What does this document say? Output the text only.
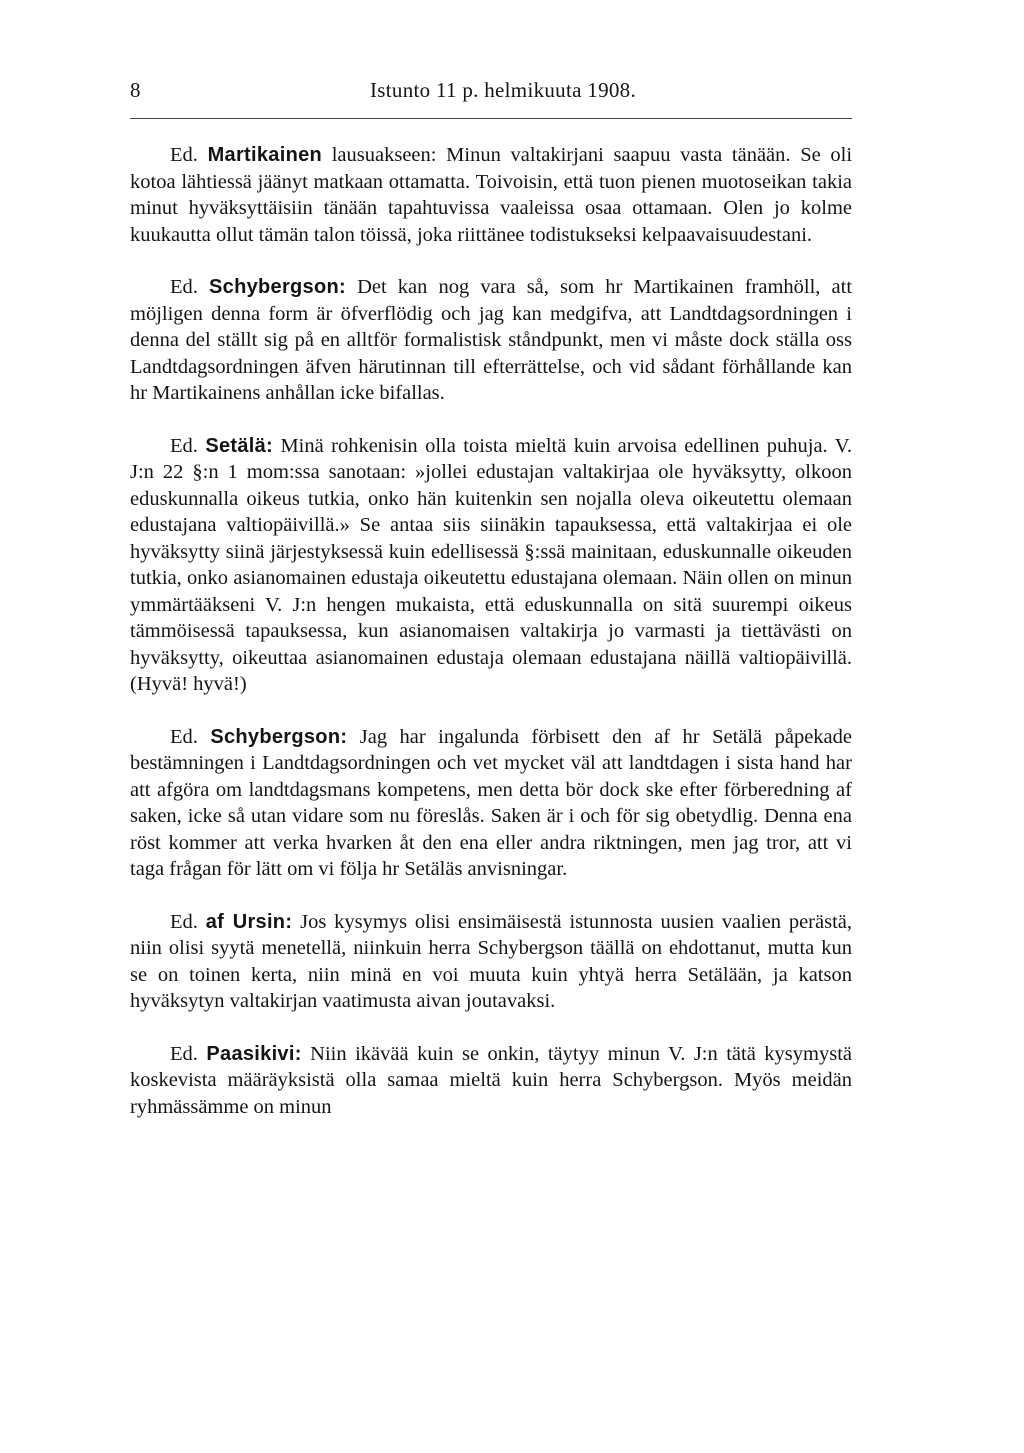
8	Istunto 11 p. helmikuuta 1908.

Ed. Martikainen lausuakseen: Minun valtakirjani saapuu vasta tänään. Se oli kotoa lähtiessä jäänyt matkaan ottamatta. Toivoisin, että tuon pienen muotoseikan takia minut hyväksyttäisiin tänään tapahtuvissa vaaleissa osaa ottamaan. Olen jo kolme kuukautta ollut tämän talon töissä, joka riittänee todistukseksi kelpaavaisuudestani.

Ed. Schybergson: Det kan nog vara så, som hr Martikainen framhöll, att möjligen denna form är öfverflödig och jag kan medgifva, att Landtdagsordningen i denna del ställt sig på en alltför formalistisk ståndpunkt, men vi måste dock ställa oss Landtdagsordningen äfven härutinnan till efterrättelse, och vid sådant förhållande kan hr Martikainens anhållan icke bifallas.

Ed. Setälä: Minä rohkenisin olla toista mieltä kuin arvoisa edellinen puhuja. V. J:n 22 §:n 1 mom:ssa sanotaan: »jollei edustajan valtakirjaa ole hyväksytty, olkoon eduskunnalla oikeus tutkia, onko hän kuitenkin sen nojalla oleva oikeutettu olemaan edustajana valtiopäivillä.» Se antaa siis siinäkin tapauksessa, että valtakirjaa ei ole hyväksytty siinä järjestyksessä kuin edellisessä §:ssä mainitaan, eduskunnalle oikeuden tutkia, onko asianomainen edustaja oikeutettu edustajana olemaan. Näin ollen on minun ymmärtääkseni V. J:n hengen mukaista, että eduskunnalla on sitä suurempi oikeus tämmöisessä tapauksessa, kun asianomaisen valtakirja jo varmasti ja tiettävästi on hyväksytty, oikeuttaa asianomainen edustaja olemaan edustajana näillä valtiopäivillä. (Hyvä! hyvä!)

Ed. Schybergson: Jag har ingalunda förbisett den af hr Setälä påpekade bestämningen i Landtdagsordningen och vet mycket väl att landtdagen i sista hand har att afgöra om landtdagsmans kompetens, men detta bör dock ske efter förberedning af saken, icke så utan vidare som nu föreslås. Saken är i och för sig obetydlig. Denna ena röst kommer att verka hvarken åt den ena eller andra riktningen, men jag tror, att vi taga frågan för lätt om vi följa hr Setäläs anvisningar.

Ed. af Ursin: Jos kysymys olisi ensimäisestä istunnosta uusien vaalien perästä, niin olisi syytä menetellä, niinkuin herra Schybergson täällä on ehdottanut, mutta kun se on toinen kerta, niin minä en voi muuta kuin yhtyä herra Setälään, ja katson hyväksytyn valtakirjan vaatimusta aivan joutavaksi.

Ed. Paasikivi: Niin ikävää kuin se onkin, täytyy minun V. J:n tätä kysymystä koskevista määräyksistä olla samaa mieltä kuin herra Schybergson. Myös meidän ryhmässämme on minun
